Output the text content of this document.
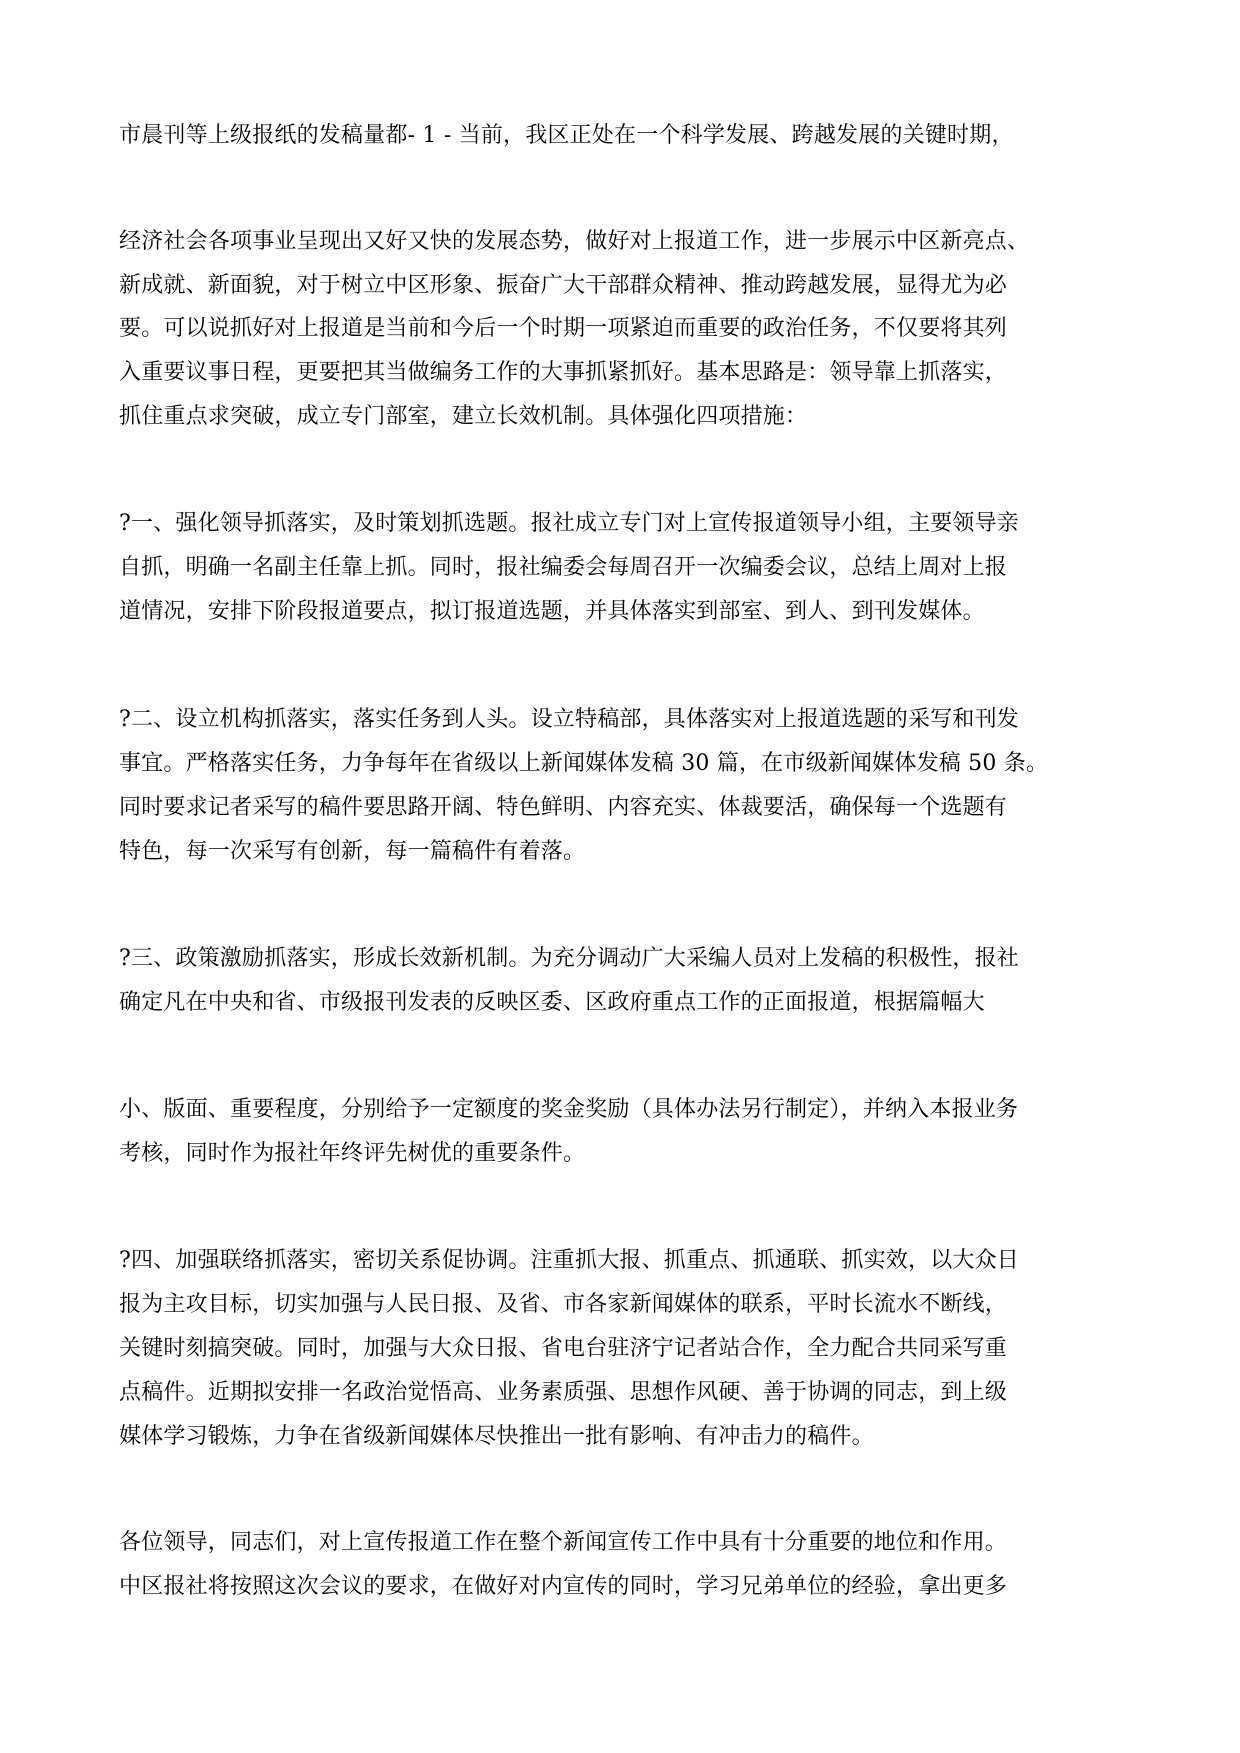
市晨刊等上级报纸的发稿量都- 1 - 当前，我区正处在一个科学发展、跨越发展的关键时期，
经济社会各项事业呈现出又好又快的发展态势，做好对上报道工作，进一步展示中区新亮点、
新成就、新面貌，对于树立中区形象、振奋广大干部群众精神、推动跨越发展，显得尤为必
要。可以说抓好对上报道是当前和今后一个时期一项紧迫而重要的政治任务，不仅要将其列
入重要议事日程，更要把其当做编务工作的大事抓紧抓好。基本思路是：领导靠上抓落实，
抓住重点求突破，成立专门部室，建立长效机制。具体强化四项措施：
?一、强化领导抓落实，及时策划抓选题。报社成立专门对上宣传报道领导小组，主要领导亲
自抓，明确一名副主任靠上抓。同时，报社编委会每周召开一次编委会议，总结上周对上报
道情况，安排下阶段报道要点，拟订报道选题，并具体落实到部室、到人、到刊发媒体。
?二、设立机构抓落实，落实任务到人头。设立特稿部，具体落实对上报道选题的采写和刊发
事宜。严格落实任务，力争每年在省级以上新闻媒体发稿 30 篇，在市级新闻媒体发稿 50 条。
同时要求记者采写的稿件要思路开阔、特色鲜明、内容充实、体裁要活，确保每一个选题有
特色，每一次采写有创新，每一篇稿件有着落。
?三、政策激励抓落实，形成长效新机制。为充分调动广大采编人员对上发稿的积极性，报社
确定凡在中央和省、市级报刊发表的反映区委、区政府重点工作的正面报道，根据篇幅大
小、版面、重要程度，分别给予一定额度的奖金奖励（具体办法另行制定），并纳入本报业务
考核，同时作为报社年终评先树优的重要条件。
?四、加强联络抓落实，密切关系促协调。注重抓大报、抓重点、抓通联、抓实效，以大众日
报为主攻目标，切实加强与人民日报、及省、市各家新闻媒体的联系，平时长流水不断线，
关键时刻搞突破。同时，加强与大众日报、省电台驻济宁记者站合作，全力配合共同采写重
点稿件。近期拟安排一名政治觉悟高、业务素质强、思想作风硬、善于协调的同志，到上级
媒体学习锻炼，力争在省级新闻媒体尽快推出一批有影响、有冲击力的稿件。
各位领导，同志们，对上宣传报道工作在整个新闻宣传工作中具有十分重要的地位和作用。
中区报社将按照这次会议的要求，在做好对内宣传的同时，学习兄弟单位的经验，拿出更多
